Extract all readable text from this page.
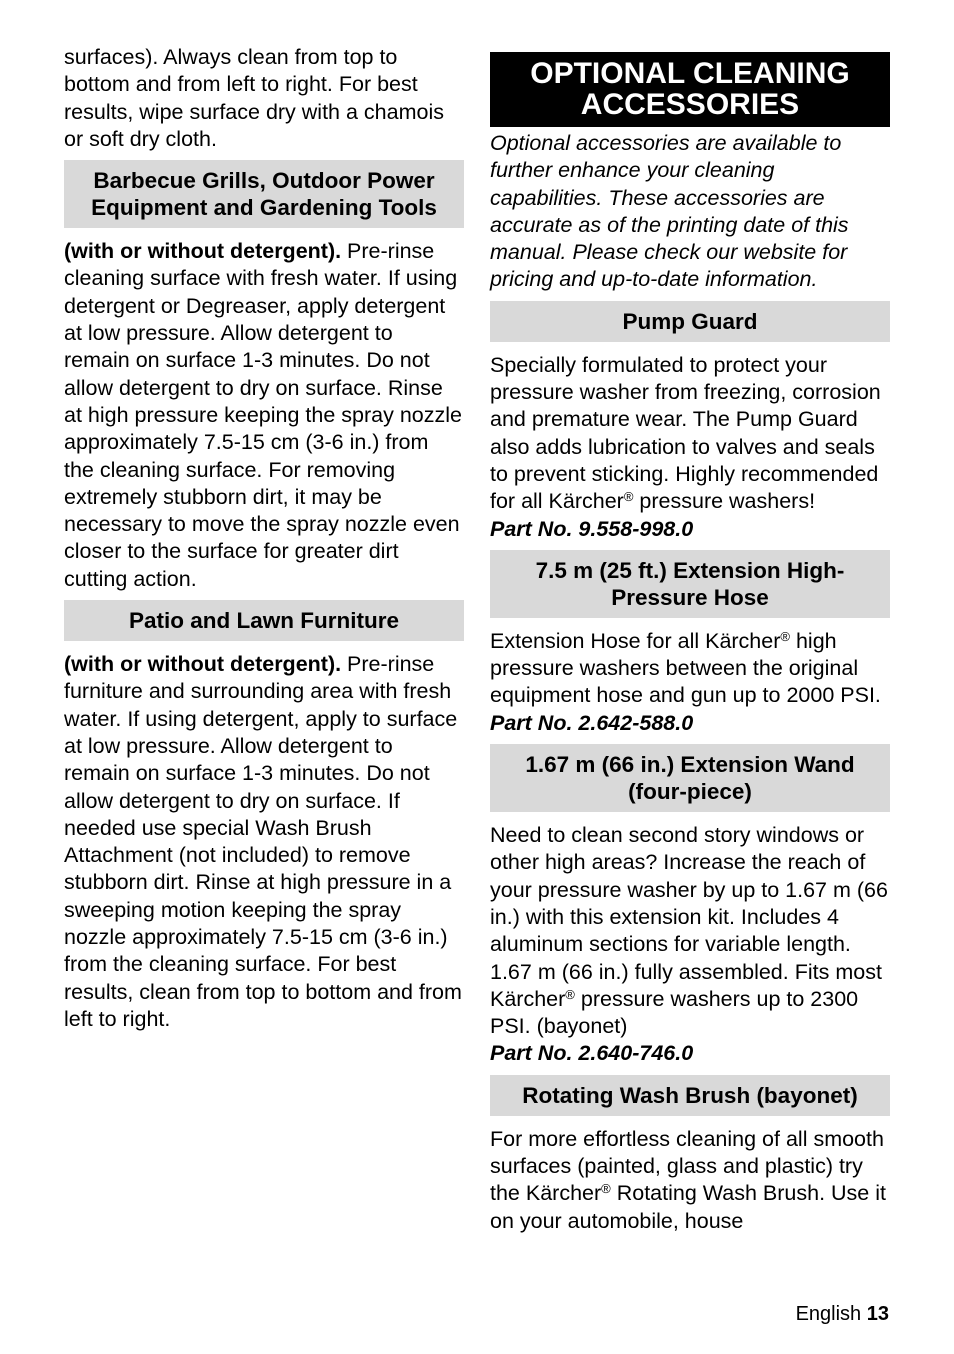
surfaces). Always clean from top to bottom and from left to right. For best results, wipe surface dry with a chamois or soft dry cloth.

Barbecue Grills, Outdoor Power Equipment and Gardening Tools

(with or without detergent). Pre-rinse cleaning surface with fresh water. If using detergent or Degreaser, apply detergent at low pressure. Allow detergent to remain on surface 1-3 minutes. Do not allow detergent to dry on surface. Rinse at high pressure keeping the spray nozzle approximately 7.5-15 cm (3-6 in.) from the cleaning surface. For removing extremely stubborn dirt, it may be necessary to move the spray nozzle even closer to the surface for greater dirt cutting action.

Patio and Lawn Furniture

(with or without detergent). Pre-rinse furniture and surrounding area with fresh water. If using detergent, apply to surface at low pressure. Allow detergent to remain on surface 1-3 minutes. Do not allow detergent to dry on surface. If needed use special Wash Brush Attachment (not included) to remove stubborn dirt. Rinse at high pressure in a sweeping motion keeping the spray nozzle approximately 7.5-15 cm (3-6 in.) from the cleaning surface. For best results, clean from top to bottom and from left to right.

OPTIONAL CLEANING ACCESSORIES

Optional accessories are available to further enhance your cleaning capabilities. These accessories are accurate as of the printing date of this manual. Please check our website for pricing and up-to-date information.

Pump Guard

Specially formulated to protect your pressure washer from freezing, corrosion and premature wear. The Pump Guard also adds lubrication to valves and seals to prevent sticking. Highly recommended for all Kärcher® pressure washers!

Part No. 9.558-998.0

7.5 m (25 ft.) Extension High-Pressure Hose

Extension Hose for all Kärcher® high pressure washers between the original equipment hose and gun up to 2000 PSI.

Part No. 2.642-588.0

1.67 m (66 in.) Extension Wand (four-piece)

Need to clean second story windows or other high areas? Increase the reach of your pressure washer by up to 1.67 m (66 in.) with this extension kit. Includes 4 aluminum sections for variable length. 1.67 m (66 in.) fully assembled. Fits most Kärcher® pressure washers up to 2300 PSI. (bayonet)

Part No. 2.640-746.0

Rotating Wash Brush (bayonet)

For more effortless cleaning of all smooth surfaces (painted, glass and plastic) try the Kärcher® Rotating Wash Brush. Use it on your automobile, house

English 13
